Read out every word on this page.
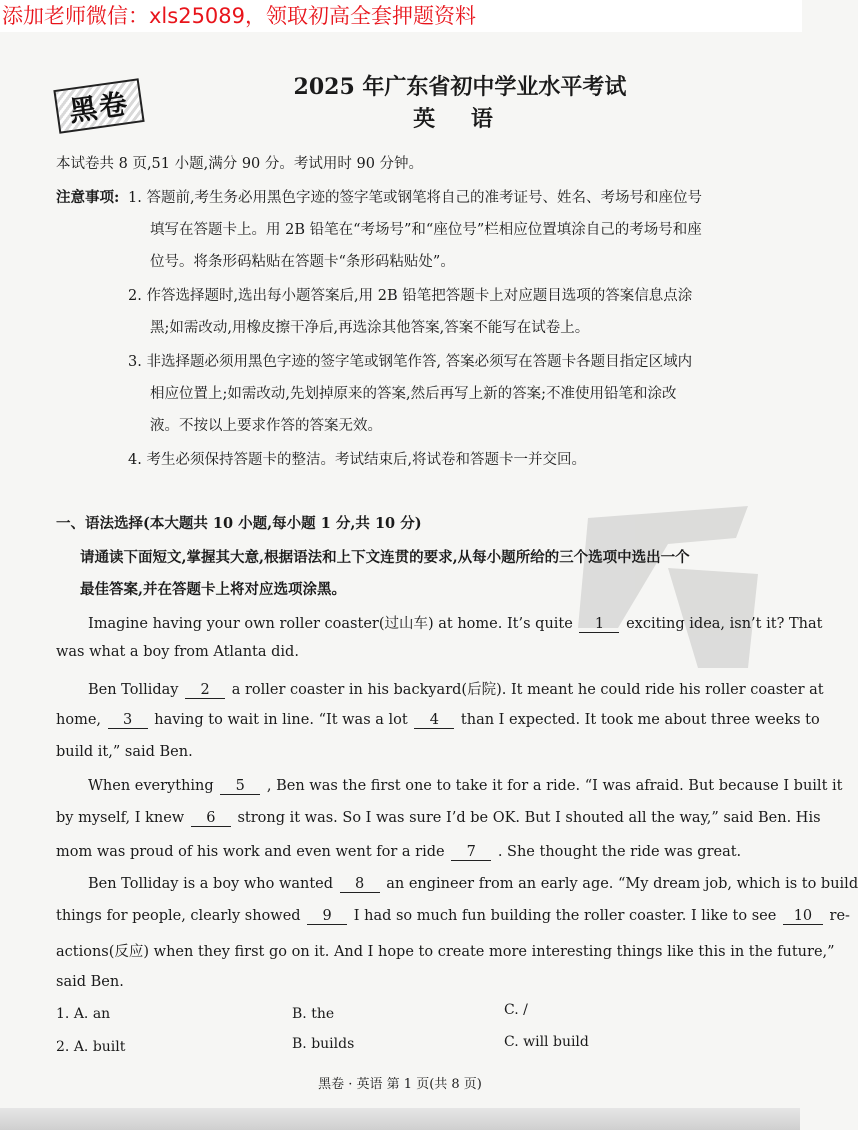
添加老师微信：xls25089，领取初高全套押题资料
黑卷	2025 年广东省初中学业水平考试
英 语
本试卷共 8 页,51 小题,满分 90 分。考试用时 90 分钟。
注意事项: 1. 答题前,考生务必用黑色字迹的签字笔或钢笔将自己的准考证号、姓名、考场号和座位号
填写在答题卡上。用 2B 铅笔在“考场号”和“座位号”栏相应位置填涂自己的考场号和座
位号。将条形码粘贴在答题卡“条形码粘贴处”。
2. 作答选择题时,选出每小题答案后,用 2B 铅笔把答题卡上对应题目选项的答案信息点涂
黑;如需改动,用橡皮擦干净后,再选涂其他答案,答案不能写在试卷上。
3. 非选择题必须用黑色字迹的签字笔或钢笔作答, 答案必须写在答题卡各题目指定区域内
相应位置上;如需改动,先划掉原来的答案,然后再写上新的答案;不准使用铅笔和涂改
液。不按以上要求作答的答案无效。
4. 考生必须保持答题卡的整洁。考试结束后,将试卷和答题卡一并交回。
一、语法选择(本大题共 10 小题,每小题 1 分,共 10 分)
请通读下面短文,掌握其大意,根据语法和上下文连贯的要求,从每小题所给的三个选项中选出一个
最佳答案,并在答题卡上将对应选项涂黑。
Imagine having your own roller coaster(过山车) at home. It’s quite 1 exciting idea, isn’t it? That
was what a boy from Atlanta did.
Ben Tolliday 2 a roller coaster in his backyard(后院). It meant he could ride his roller coaster at
home, 3 having to wait in line. “It was a lot 4 than I expected. It took me about three weeks to
build it,” said Ben.
When everything 5 , Ben was the first one to take it for a ride. “I was afraid. But because I built it
by myself, I knew 6 strong it was. So I was sure I’d be OK. But I shouted all the way,” said Ben. His
mom was proud of his work and even went for a ride 7 . She thought the ride was great.
Ben Tolliday is a boy who wanted 8 an engineer from an early age. “My dream job, which is to build
things for people, clearly showed 9 I had so much fun building the roller coaster. I like to see 10 re-
actions(反应) when they first go on it. And I hope to create more interesting things like this in the future,”
said Ben.
1. A. an	B. the	C. /
2. A. built	B. builds	C. will build
黑卷 · 英语 第 1 页(共 8 页)
